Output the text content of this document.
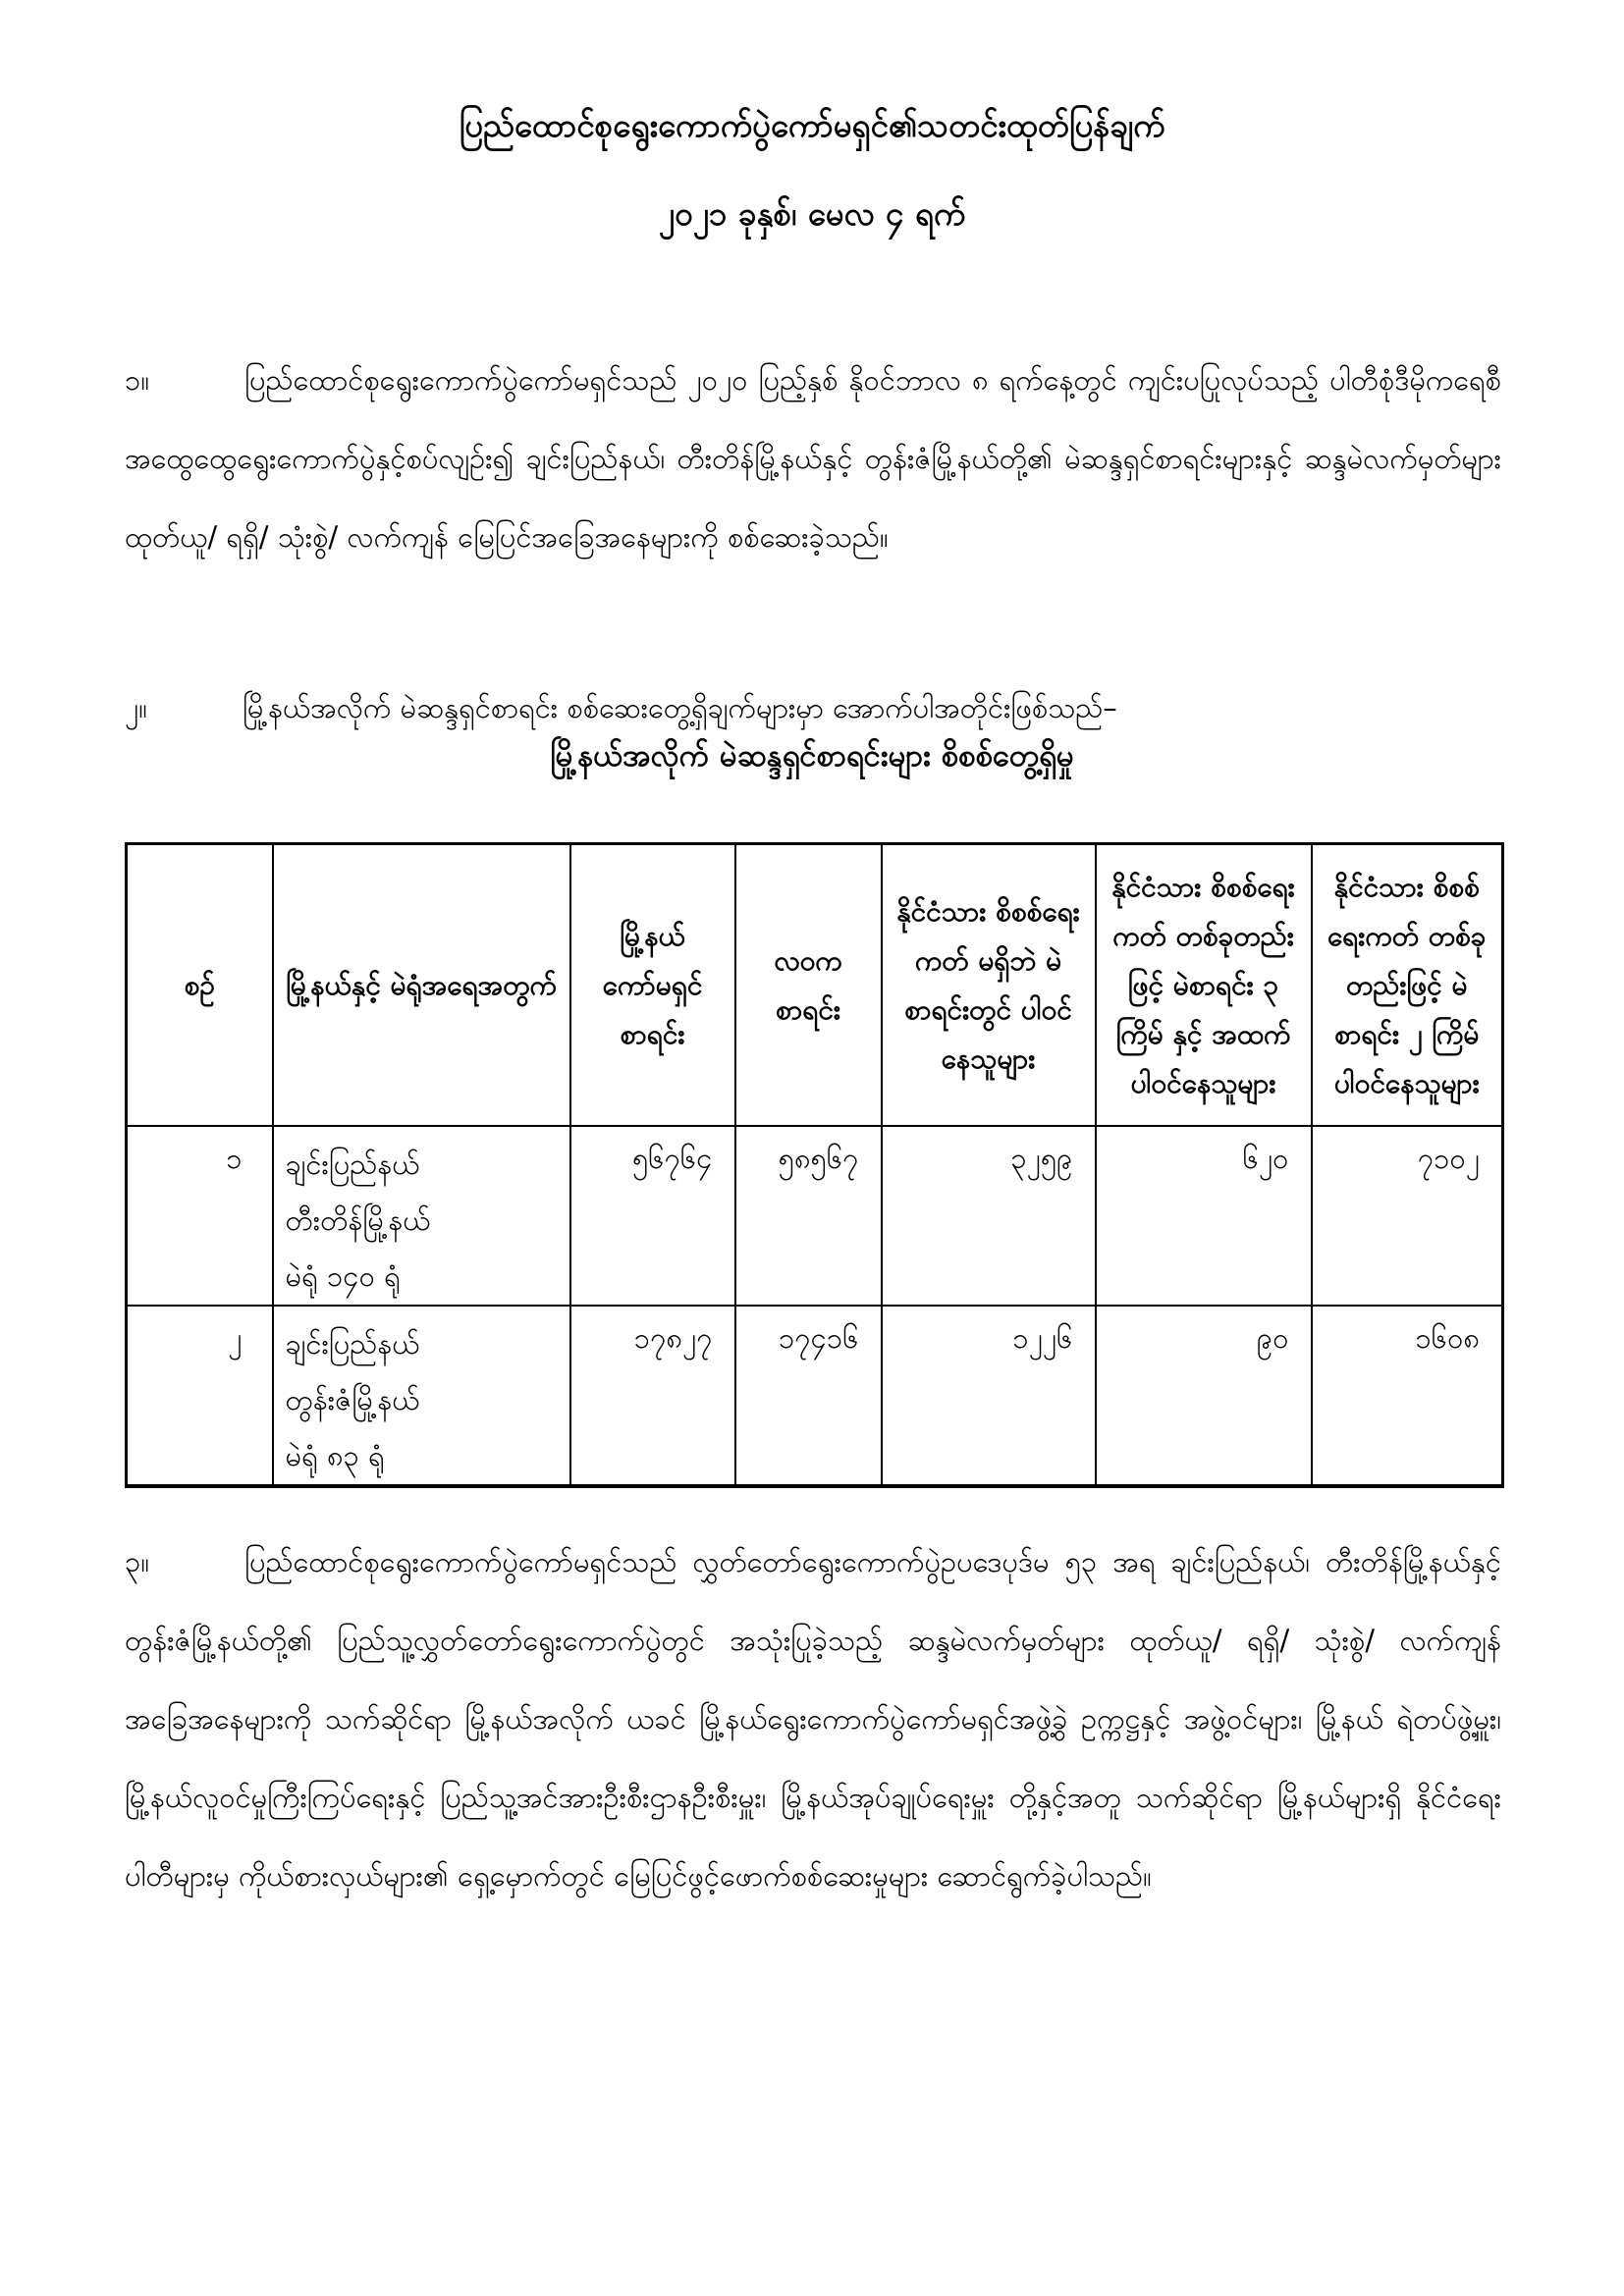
ပြည်ထောင်စုရွေးကောက်ပွဲကော်မရှင်၏သတင်းထုတ်ပြန်ချက်
၂၀၂၁ ခုနှစ်၊ မေလ ၄ ရက်

၁။	ပြည်ထောင်စုရွေးကောက်ပွဲကော်မရှင်သည် ၂၀၂၀ ပြည့်နှစ် နိုဝင်ဘာလ ၈ ရက်နေ့တွင် ကျင်းပပြုလုပ်သည့် ပါတီစုံဒီမိုကရေစီအထွေထွေရွေးကောက်ပွဲနှင့်စပ်လျဉ်း၍ ချင်းပြည်နယ်၊ တီးတိန်မြို့နယ်နှင့် တွန်းဇံမြို့နယ်တို့၏ မဲဆန္ဒရှင်စာရင်းများနှင့် ဆန္ဒမဲလက်မှတ်များ ထုတ်ယူ/ ရရှိ/ သုံးစွဲ/ လက်ကျန် မြေပြင်အခြေအနေများကို စစ်ဆေးခဲ့သည်။

၂။	မြို့နယ်အလိုက် မဲဆန္ဒရှင်စာရင်း စစ်ဆေးတွေ့ရှိချက်များမှာ အောက်ပါအတိုင်းဖြစ်သည်–

မြို့နယ်အလိုက် မဲဆန္ဒရှင်စာရင်းများ စိစစ်တွေ့ရှိမှု
စဉ်	မြို့နယ်နှင့် မဲရုံအရေအတွက်	မြို့နယ် ကော်မရှင် စာရင်း	လဝက စာရင်း	နိုင်ငံသား စိစစ်ရေးကတ် မရှိဘဲ မဲစာရင်းတွင် ပါဝင်နေသူများ	နိုင်ငံသား စိစစ်ရေးကတ် တစ်ခုတည်းဖြင့် မဲစာရင်း ၃ ကြိမ် နှင့် အထက် ပါဝင်နေသူများ	နိုင်ငံသား စိစစ်ရေးကတ် တစ်ခုတည်းဖြင့် မဲစာရင်း ၂ ကြိမ် ပါဝင်နေသူများ
၁	ချင်းပြည်နယ်
တီးတိန်မြို့နယ်
မဲရုံ ၁၄၀ ရုံ	၅၆၇၆၄	၅၈၅၆၇	၃၂၅၉	၆၂၀	၇၁၀၂
၂	ချင်းပြည်နယ်
တွန်းဇံမြို့နယ်
မဲရုံ ၈၃ ရုံ	၁၇၈၂၇	၁၇၄၁၆	၁၂၂၆	၉၀	၁၆၀၈

၃။	ပြည်ထောင်စုရွေးကောက်ပွဲကော်မရှင်သည် လွှတ်တော်ရွေးကောက်ပွဲဥပဒေပုဒ်မ ၅၃ အရ ချင်းပြည်နယ်၊ တီးတိန်မြို့နယ်နှင့် တွန်းဇံမြို့နယ်တို့၏ ပြည်သူ့လွှတ်တော်ရွေးကောက်ပွဲတွင် အသုံးပြုခဲ့သည့် ဆန္ဒမဲလက်မှတ်များ ထုတ်ယူ/ ရရှိ/ သုံးစွဲ/ လက်ကျန် အခြေအနေများကို သက်ဆိုင်ရာ မြို့နယ်အလိုက် ယခင် မြို့နယ်ရွေးကောက်ပွဲကော်မရှင်အဖွဲ့ခွဲ ဥက္ကဋ္ဌနှင့် အဖွဲ့ဝင်များ၊ မြို့နယ် ရဲတပ်ဖွဲ့မှူး၊ မြို့နယ်လူဝင်မှုကြီးကြပ်ရေးနှင့် ပြည်သူ့အင်အားဦးစီးဌာနဦးစီးမှူး၊ မြို့နယ်အုပ်ချုပ်ရေးမှူး တို့နှင့်အတူ သက်ဆိုင်ရာ မြို့နယ်များရှိ နိုင်ငံရေးပါတီများမှ ကိုယ်စားလှယ်များ၏ ရှေ့မှောက်တွင် မြေပြင်ဖွင့်ဖောက်စစ်ဆေးမှုများ ဆောင်ရွက်ခဲ့ပါသည်။
